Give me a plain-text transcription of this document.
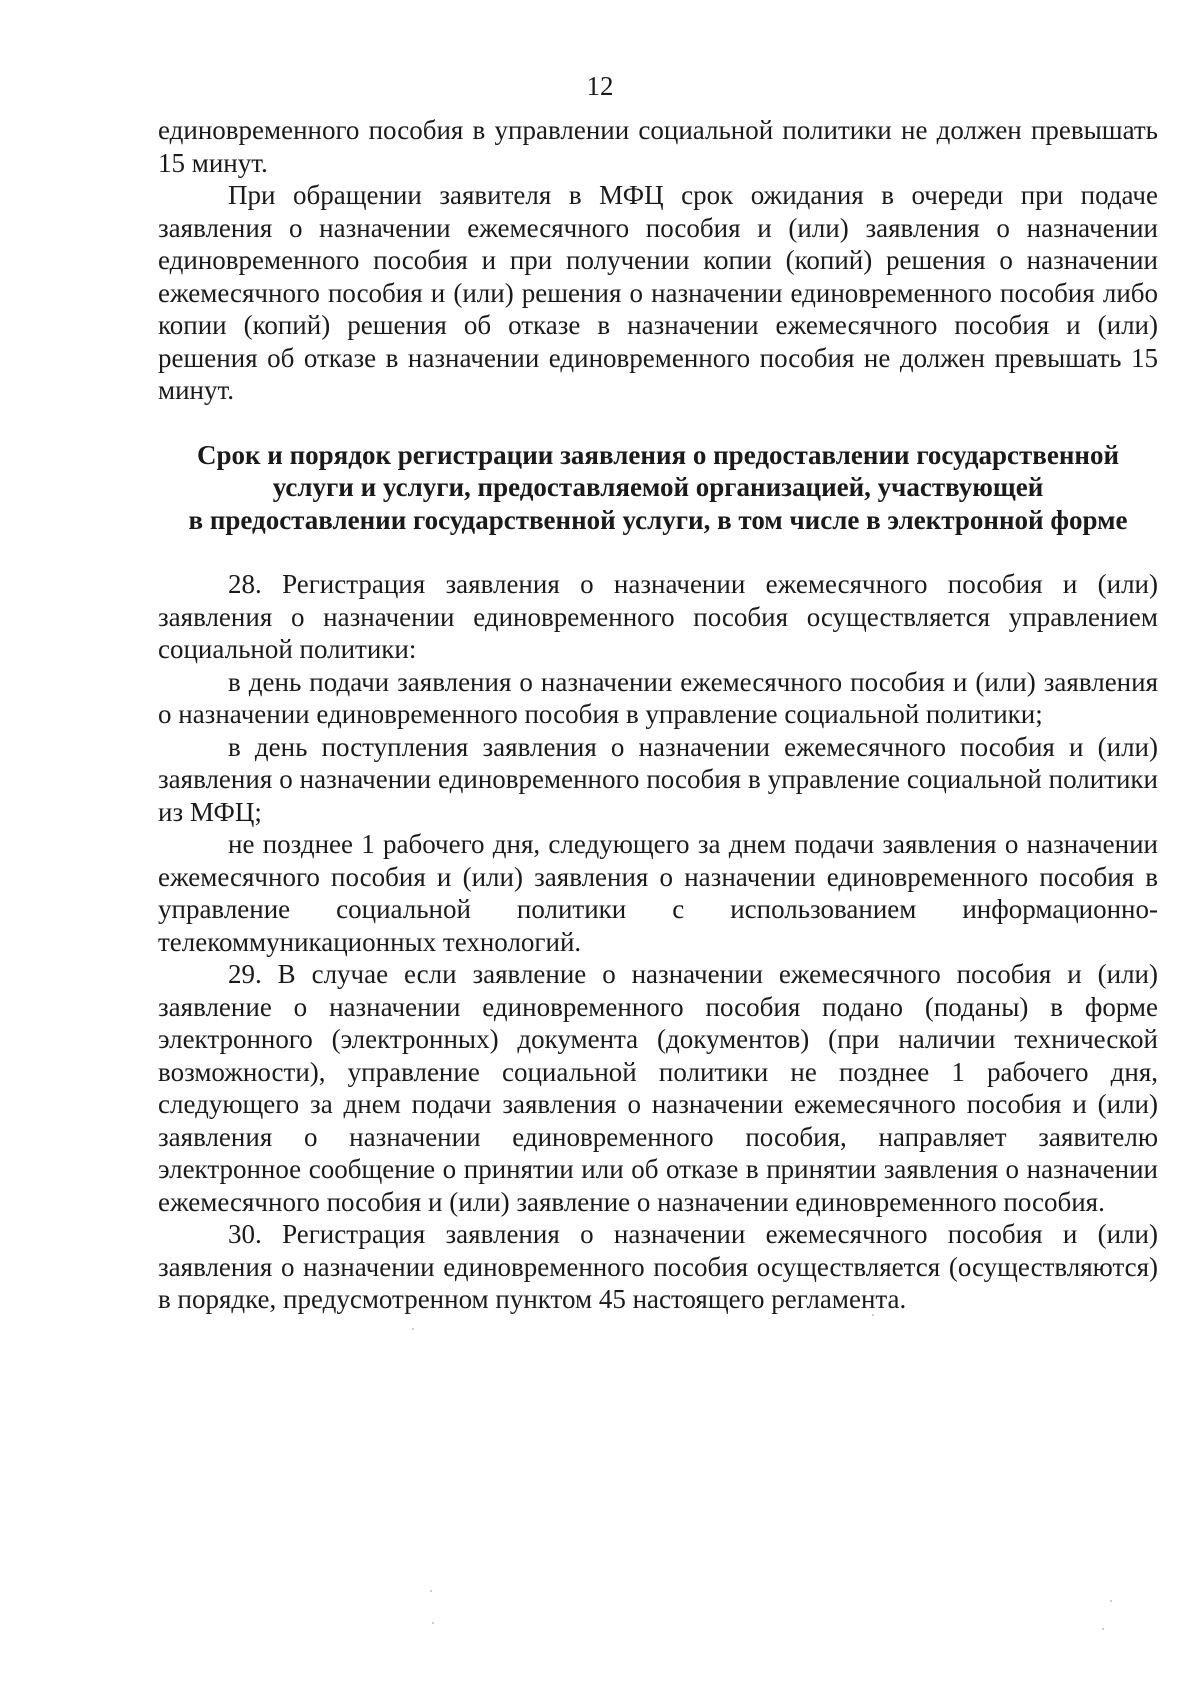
12

единовременного пособия в управлении социальной политики не должен превышать 15 минут.

При обращении заявителя в МФЦ срок ожидания в очереди при подаче заявления о назначении ежемесячного пособия и (или) заявления о назначении единовременного пособия и при получении копии (копий) решения о назначении ежемесячного пособия и (или) решения о назначении единовременного пособия либо копии (копий) решения об отказе в назначении ежемесячного пособия и (или) решения об отказе в назначении единовременного пособия не должен превышать 15 минут.

Срок и порядок регистрации заявления о предоставлении государственной
услуги и услуги, предоставляемой организацией, участвующей
в предоставлении государственной услуги, в том числе в электронной форме

28. Регистрация заявления о назначении ежемесячного пособия и (или) заявления о назначении единовременного пособия осуществляется управлением социальной политики:

в день подачи заявления о назначении ежемесячного пособия и (или) заявления о назначении единовременного пособия в управление социальной политики;

в день поступления заявления о назначении ежемесячного пособия и (или) заявления о назначении единовременного пособия в управление социальной политики из МФЦ;

не позднее 1 рабочего дня, следующего за днем подачи заявления о назначении ежемесячного пособия и (или) заявления о назначении единовременного пособия в управление социальной политики с использованием информационно-телекоммуникационных технологий.

29. В случае если заявление о назначении ежемесячного пособия и (или) заявление о назначении единовременного пособия подано (поданы) в форме электронного (электронных) документа (документов) (при наличии технической возможности), управление социальной политики не позднее 1 рабочего дня, следующего за днем подачи заявления о назначении ежемесячного пособия и (или) заявления о назначении единовременного пособия, направляет заявителю электронное сообщение о принятии или об отказе в принятии заявления о назначении ежемесячного пособия и (или) заявление о назначении единовременного пособия.

30. Регистрация заявления о назначении ежемесячного пособия и (или) заявления о назначении единовременного пособия осуществляется (осуществляются) в порядке, предусмотренном пунктом 45 настоящего регламента.
